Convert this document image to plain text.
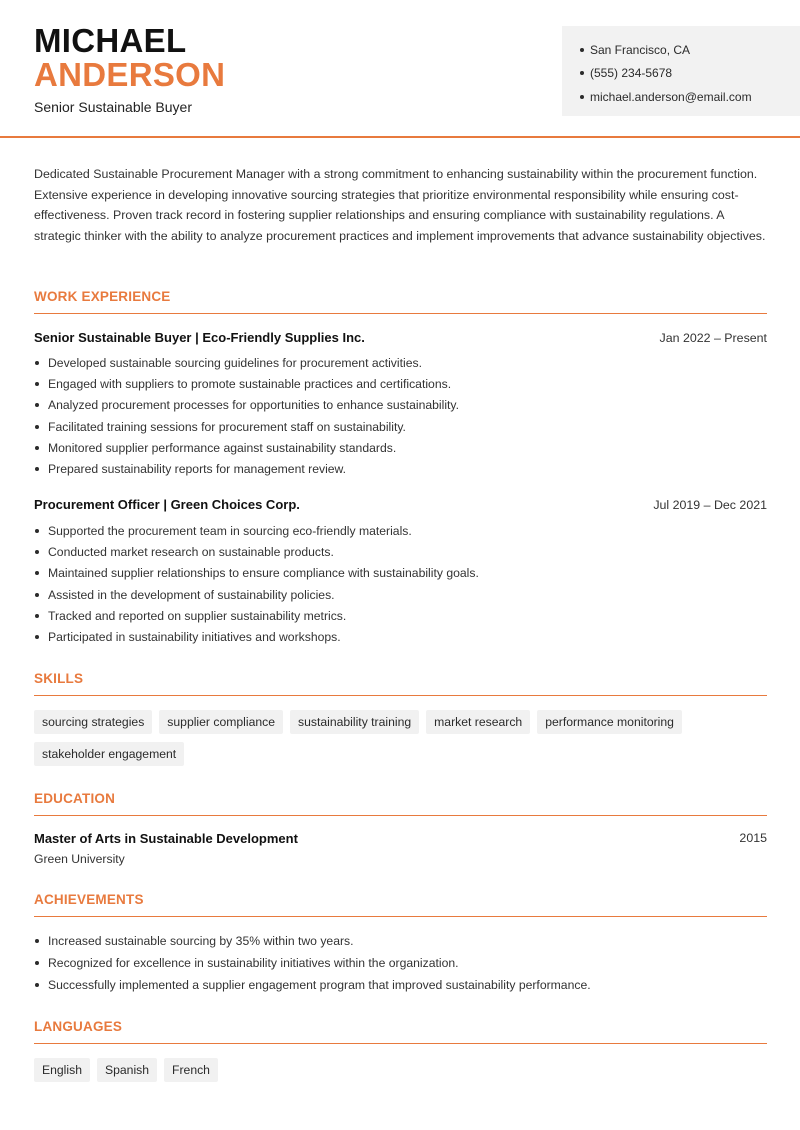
MICHAEL
ANDERSON
Senior Sustainable Buyer
San Francisco, CA
(555) 234-5678
michael.anderson@email.com

Dedicated Sustainable Procurement Manager with a strong commitment to enhancing sustainability within the procurement function. Extensive experience in developing innovative sourcing strategies that prioritize environmental responsibility while ensuring cost-effectiveness. Proven track record in fostering supplier relationships and ensuring compliance with sustainability regulations. A strategic thinker with the ability to analyze procurement practices and implement improvements that advance sustainability objectives.

WORK EXPERIENCE
Senior Sustainable Buyer | Eco-Friendly Supplies Inc.	Jan 2022 – Present
Developed sustainable sourcing guidelines for procurement activities.
Engaged with suppliers to promote sustainable practices and certifications.
Analyzed procurement processes for opportunities to enhance sustainability.
Facilitated training sessions for procurement staff on sustainability.
Monitored supplier performance against sustainability standards.
Prepared sustainability reports for management review.
Procurement Officer | Green Choices Corp.	Jul 2019 – Dec 2021
Supported the procurement team in sourcing eco-friendly materials.
Conducted market research on sustainable products.
Maintained supplier relationships to ensure compliance with sustainability goals.
Assisted in the development of sustainability policies.
Tracked and reported on supplier sustainability metrics.
Participated in sustainability initiatives and workshops.
SKILLS
sourcing strategies	supplier compliance	sustainability training	market research	performance monitoring
stakeholder engagement
EDUCATION
Master of Arts in Sustainable Development	2015
Green University
ACHIEVEMENTS
Increased sustainable sourcing by 35% within two years.
Recognized for excellence in sustainability initiatives within the organization.
Successfully implemented a supplier engagement program that improved sustainability performance.
LANGUAGES
English	Spanish	French
